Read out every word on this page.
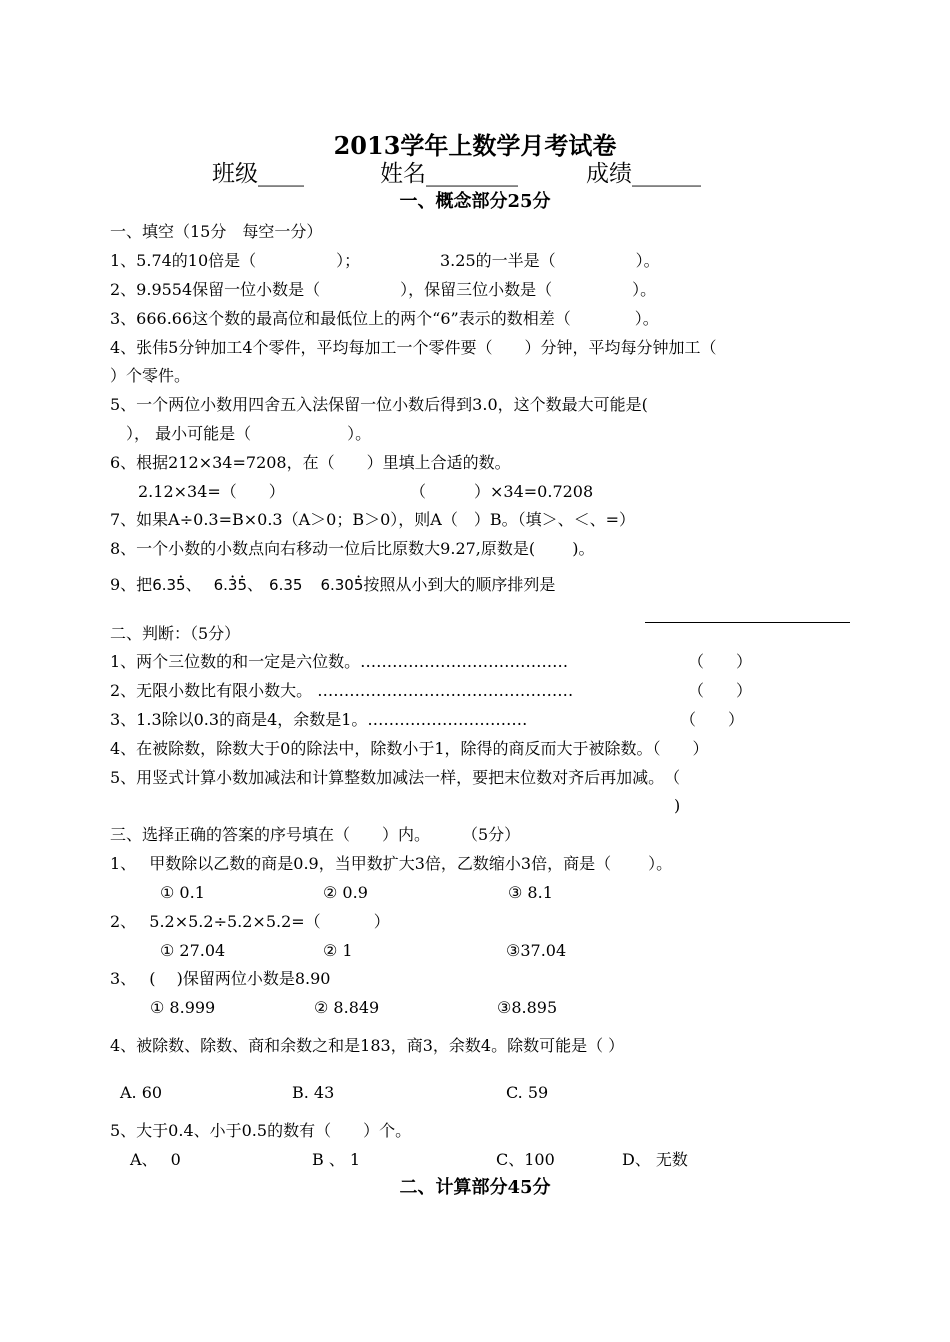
2013学年上数学月考试卷
班级____	姓名________	成绩______
一、概念部分25分
一、填空（15分　每空一分）
1、5.74的10倍是（　　　　　）；	3.25的一半是（　　　　　）。
2、9.9554保留一位小数是（　　　　　），保留三位小数是（　　　　　）。
3、666.66这个数的最高位和最低位上的两个“6”表示的数相差（　　　　）。
4、张伟5分钟加工4个零件，平均每加工一个零件要（　　）分钟，平均每分钟加工（
）个零件。
5、一个两位小数用四舍五入法保留一位小数后得到3.0，这个数最大可能是(
　）， 最小可能是（　　　　　　）。
6、根据212×34=7208，在（　　）里填上合适的数。
2.12×34=（　　）	（　　　）×34=0.7208
7、如果A÷0.3=B×0.3（A＞0；B＞0），则A（　）B。（填＞、＜、=）
8、一个小数的小数点向右移动一位后比原数大9.27,原数是(　　 )。
9、把6.35 •、 6.3 •5 •、 6.35 6.305 •按照从小到大的顺序排列是
二、判断：（5分）
1、两个三位数的和一定是六位数。…………………………………	（　　）
2、无限小数比有限小数大。 …………………………………………	（　　）
3、1.3除以0.3的商是4，余数是1。…………………………	（　　）
4、在被除数，除数大于0的除法中，除数小于1，除得的商反而大于被除数。（　　）
5、用竖式计算小数加减法和计算整数加减法一样，要把末位数对齐后再加减。　（
)
三、选择正确的答案的序号填在（　　）内。　　　（5分）
1、　 甲数除以乙数的商是0.9，当甲数扩大3倍，乙数缩小3倍，商是（　　 ）。
① 0.1	② 0.9	③ 8.1
2、　 5.2×5.2÷5.2×5.2=（　　　 ）
① 27.04	② 1	③37.04
3、　 (　 )保留两位小数是8.90
① 8.999	② 8.849	③8.895
4、被除数、除数、商和余数之和是183，商3，余数4。除数可能是（ ）
A. 60	B. 43	C. 59
5、大于0.4、小于0.5的数有（　　）个。
A、　 0	B 、 1	C、100	D、 无数
二、计算部分45分
